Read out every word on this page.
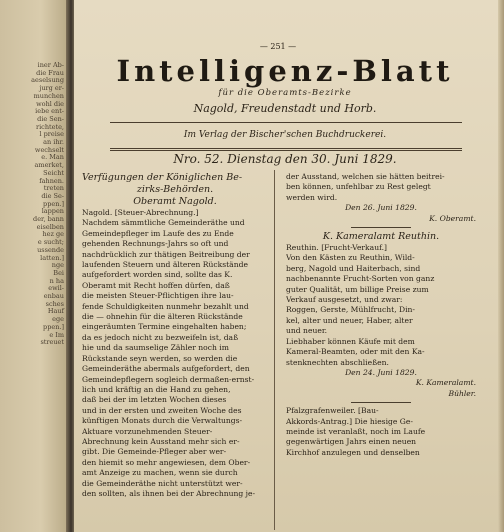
iner Ab-
die Frau
aeselsung
jurg er-
munchen
wohl die
iebe ent-
die Sen-
richtete,
l preise
an ihr.
wechselt
e. Man
amerket,
Seicht
fahnen.
treten
die Se-
ppen.]
lappen
der, bann
eiselben
hez ge
e sucht;
ussende
latten.]
nge
Bei
n ha
ewil-
enbau
sches
Hauf
ege
ppen.]
e Im
streuet
— 251 —
Intelligenz-Blatt
für die Oberamts-Bezirke
Nagold, Freudenstadt und Horb.
Im Verlag der Bischer'schen Buchdruckerei.
Nro. 52. Dienstag den 30. Juni 1829.
Verfügungen der Königlichen Be-
zirks-Behörden.
Oberamt Nagold.
Nagold. [Steuer-Abrechnung.]
Nachdem sämmtliche Gemeinderäthe und
Gemeindepfleger im Laufe des zu Ende
gehenden Rechnungs-Jahrs so oft und
nachdrücklich zur thätigen Beitreibung der
laufenden Steuern und älteren Rückstände
aufgefordert worden sind, sollte das K.
Oberamt mit Recht hoffen dürfen, daß
die meisten Steuer-Pflichtigen ihre lau-
fende Schuldigkeiten nunmehr bezahlt und
die — ohnehin für die älteren Rückstände
eingeräumten Termine eingehalten haben;
da es jedoch nicht zu bezweifeln ist, daß
hie und da saumselige Zähler noch im
Rückstande seyn werden, so werden die
Gemeinderäthe abermals aufgefordert, den
Gemeindepflegern sogleich dermaßen-ernst-
lich und kräftig an die Hand zu gehen,
daß bei der im letzten Wochen dieses
und in der ersten und zweiten Woche des
künftigen Monats durch die Verwaltungs-
Aktuare vorzunehmenden Steuer-
Abrechnung kein Ausstand mehr sich er-
gibt. Die Gemeinde-Pfleger aber wer-
den hiemit so mehr angewiesen, dem Ober-
amt Anzeige zu machen, wenn sie durch
die Gemeinderäthe nicht unterstützt wer-
den sollten, als ihnen bei der Abrechnung je-
der Ausstand, welchen sie hätten beitrei-
ben können, unfehlbar zu Rest gelegt
werden wird.
Den 26. Juni 1829.
K. Oberamt.
K. Kameralamt Reuthin.
Reuthin. [Frucht-Verkauf.]
Von den Kästen zu Reuthin, Wild-
berg, Nagold und Haiterbach, sind
nachbenannte Frucht-Sorten von ganz
guter Qualität, um billige Preise zum
Verkauf ausgesetzt, und zwar:
Roggen, Gerste, Mühlfrucht, Din-
kel, alter und neuer, Haber, alter
und neuer.
Liebhaber können Käufe mit dem
Kameral-Beamten, oder mit den Ka-
stenknechten abschließen.
Den 24. Juni 1829.
K. Kameralamt.
Bühler.
Pfalzgrafenweiler. [Bau-
Akkords-Antrag.] Die hiesige Ge-
meinde ist veranlaßt, noch im Laufe
gegenwärtigen Jahrs einen neuen
Kirchhof anzulegen und denselben
